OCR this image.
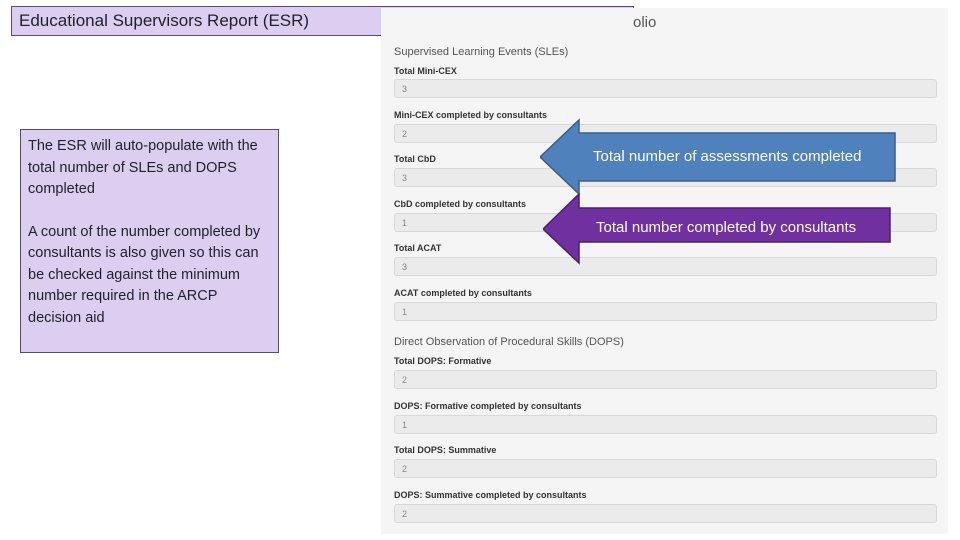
Educational Supervisors Report (ESR)	olio
Supervised Learning Events (SLEs)
Total Mini-CEX
3
Mini-CEX completed by consultants
2
Total CbD
3
CbD completed by consultants
1
Total ACAT
3
ACAT completed by consultants
1
Direct Observation of Procedural Skills (DOPS)
Total DOPS: Formative
2
DOPS: Formative completed by consultants
1
Total DOPS: Summative
2
DOPS: Summative completed by consultants
2

The ESR will auto-populate with the total number of SLEs and DOPS completed

A count of the number completed by consultants is also given so this can be checked against the minimum number required in the ARCP decision aid

Total number of assessments completed
Total number completed by consultants
